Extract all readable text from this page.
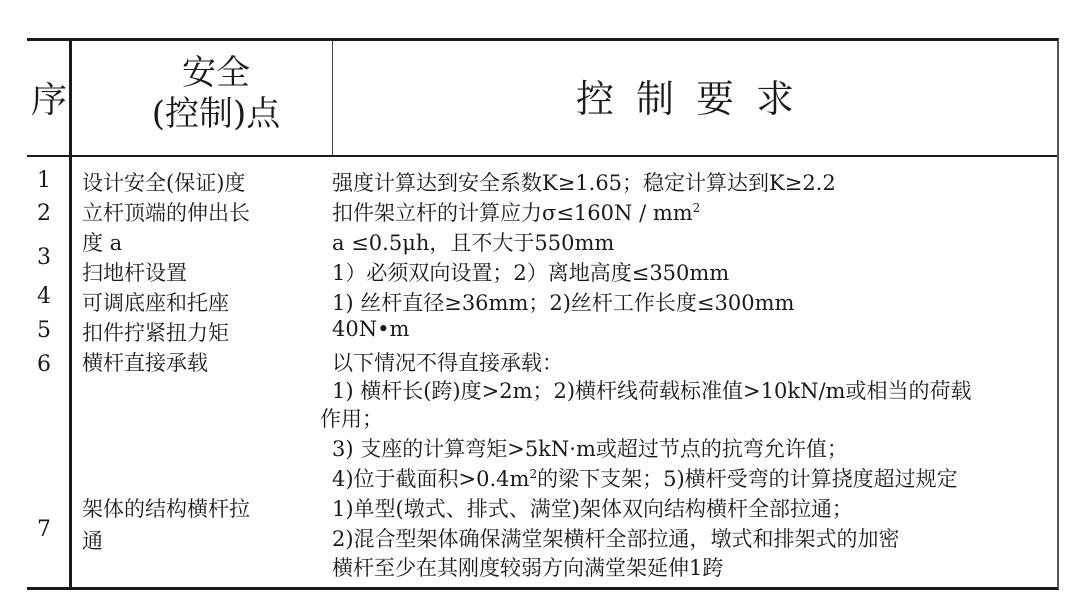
序
安全
(控制)点	控制要求
1
2
3
4
5
6
7
设计安全(保证)度
立杆顶端的伸出长
度 a
扫地杆设置
可调底座和托座
扣件拧紧扭力矩
横杆直接承载
架体的结构横杆拉
通
强度计算达到安全系数K≥1.65；稳定计算达到K≥2.2
扣件架立杆的计算应力$\sigma\le 160N / mm^2$
a ≤0.5μh，且不大于550mm
1）必须双向设置；2）离地高度≤350mm
1) 丝杆直径≥36mm；2)丝杆工作长度≤300mm
40N•m
以下情况不得直接承载：
1) 横杆长(跨)度>2m；2)横杆线荷载标准值>10kN/m或相当的荷载
作用；
3) 支座的计算弯矩>5kN·m或超过节点的抗弯允许值；
4)位于截面积$>0.4m^2$的梁下支架；5)横杆受弯的计算挠度超过规定
1)单型(墩式、排式、满堂)架体双向结构横杆全部拉通；
2)混合型架体确保满堂架横杆全部拉通，墩式和排架式的加密
横杆至少在其刚度较弱方向满堂架延伸1跨
